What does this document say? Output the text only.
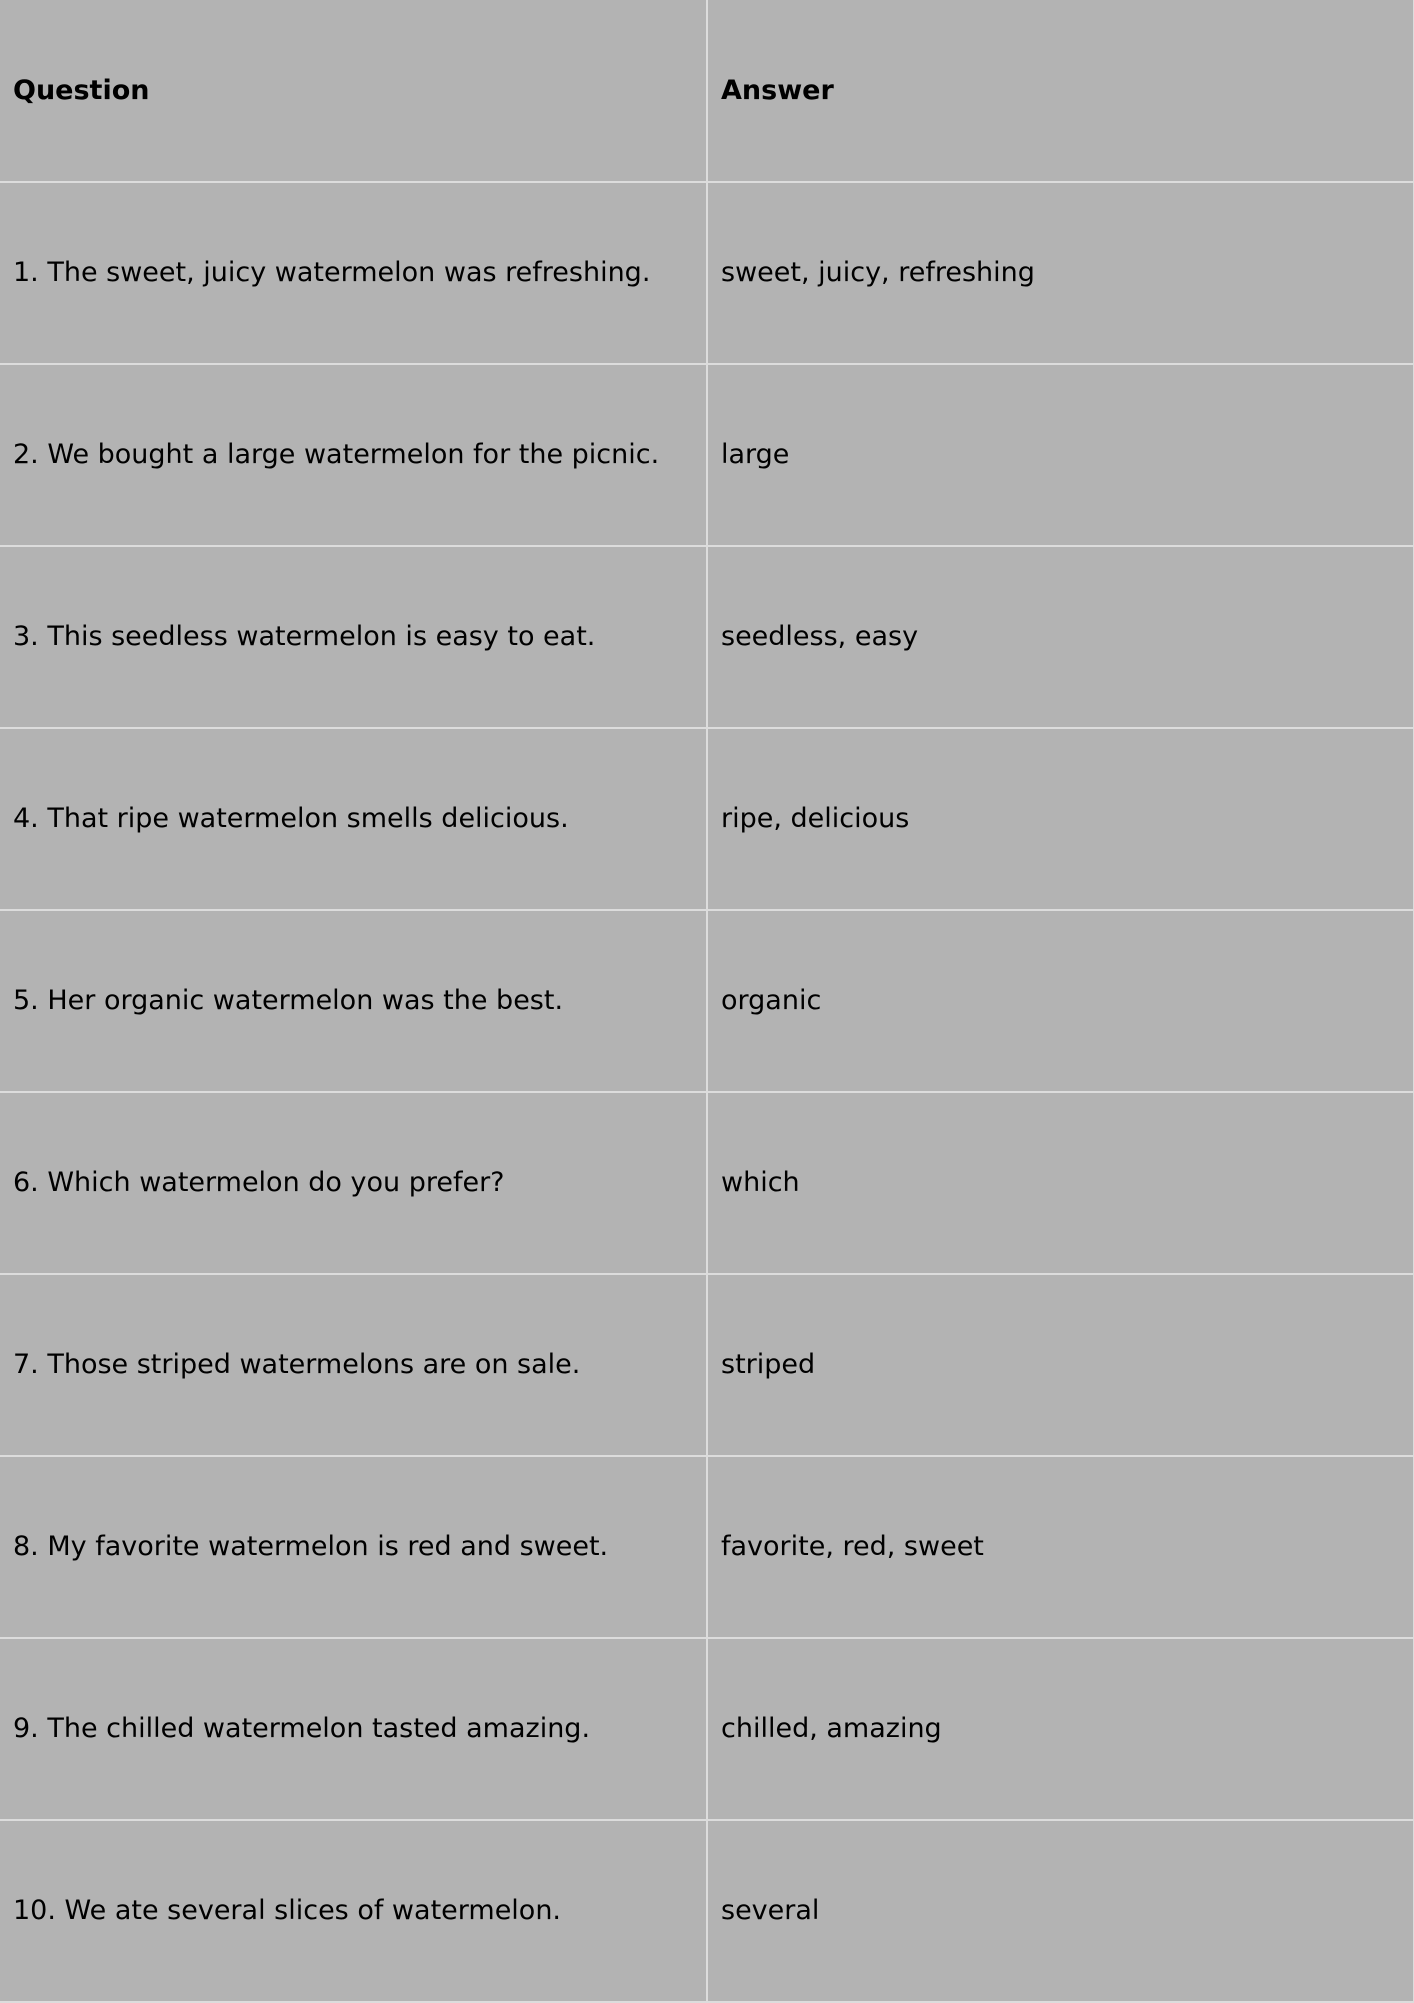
Question	Answer
1. The sweet, juicy watermelon was refreshing.	sweet, juicy, refreshing
2. We bought a large watermelon for the picnic.	large
3. This seedless watermelon is easy to eat.	seedless, easy
4. That ripe watermelon smells delicious.	ripe, delicious
5. Her organic watermelon was the best.	organic
6. Which watermelon do you prefer?	which
7. Those striped watermelons are on sale.	striped
8. My favorite watermelon is red and sweet.	favorite, red, sweet
9. The chilled watermelon tasted amazing.	chilled, amazing
10. We ate several slices of watermelon.	several
